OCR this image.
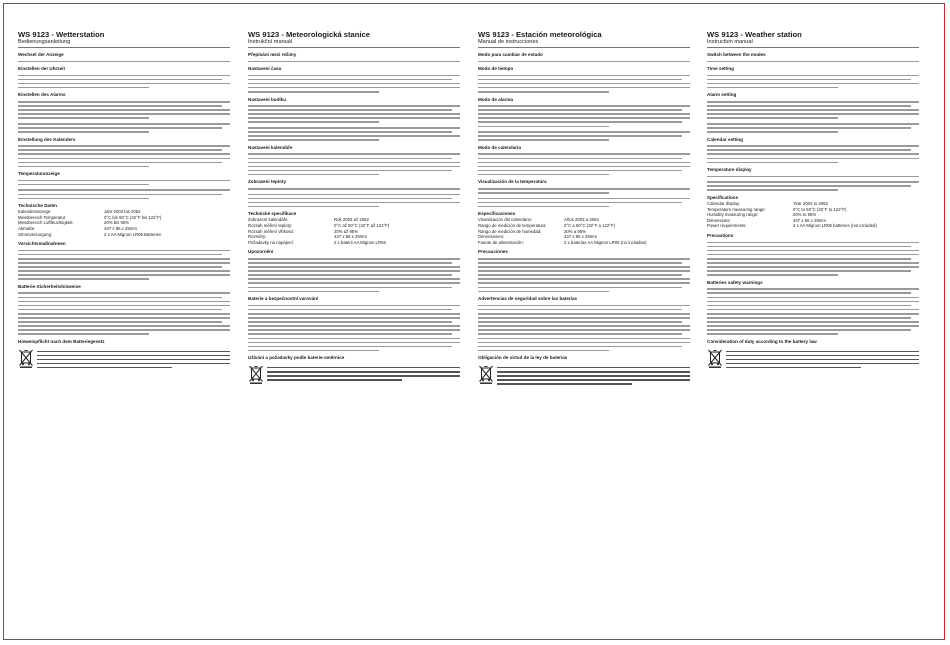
WS 9123 - Wetterstation
Bedienungsanleitung
Wechsel der Anzeige
Einstellen der Uhrzeit
Einstellen des Alarms
Einstellung des Kalenders
Temperaturanzeige
Technische Daten
Kalenderanzeige:	Jahr 2003 bis 2062
Messbereich Temperatur:	0°C bis 50°C (32°F bis 122°F)
Messbereich Luftfeuchtigkeit:	20% bis 95%
Abmaße:	437 x 86 x 29mm
Stromversorgung:	2 x AA Mignon LR06 Batterien
Vorsichtsmaßnahmen
Batterie-Sicherheitshinweise
Hinweispflicht nach dem Batteriegesetz
WS 9123 - Meteorologická stanice
Instrukční manuál
Přepínání mezi režimy
Nastavení času
Nastavení budíku
Nastavení kalendáře
Zobrazení teploty
Technické specifikace
Zobrazení kalendáře:	Rok 2003 až 2062
Rozsah měření teploty:	0°C až 50°C (32°F až 122°F)
Rozsah měření vlhkosti:	20% až 95%
Rozměry:	437 x 86 x 29mm
Požadavky na napájení:	2 x baterii AA Mignon LR06
Upozornění
Baterie a bezpečnostní varování
Užívání a požadavky podle baterie-směrnice
WS 9123 - Estación meteorológica
Manual de instrucciones
Modo para cambiar de estado
Modo de tiempo
Modo de alarma
Modo de calendario
Visualización de la temperatura
Especificaciones
Visualización del calendario:	Años 2003 a 2062
Rango de medición de temperatura:	0°C a 50°C (32°F a 122°F)
Rango de medición de humedad:	20% a 95%
Dimensiones:	437 x 86 x 29mm
Fuente de alimentación:	2 x baterías AA Mignon LR06 (no incluidas)
Precauciones
Advertencias de seguridad sobre las baterías
Obligación de virtud de la ley de baterías
WS 9123 - Weather station
Instruction manual
Switch between the modes
Time setting
Alarm setting
Calendar setting
Temperature display
Specifications
Calendar display:	Year 2003 to 2062
Temperature measuring range:	0°C to 50°C (32°F to 122°F)
Humidity measuring range:	20% to 95%
Dimensions:	437 x 86 x 29mm
Power requirements:	2 x AA Mignon LR06 batteries (not included)
Precautions
Batteries safety warnings
Consideration of duty according to the battery law
